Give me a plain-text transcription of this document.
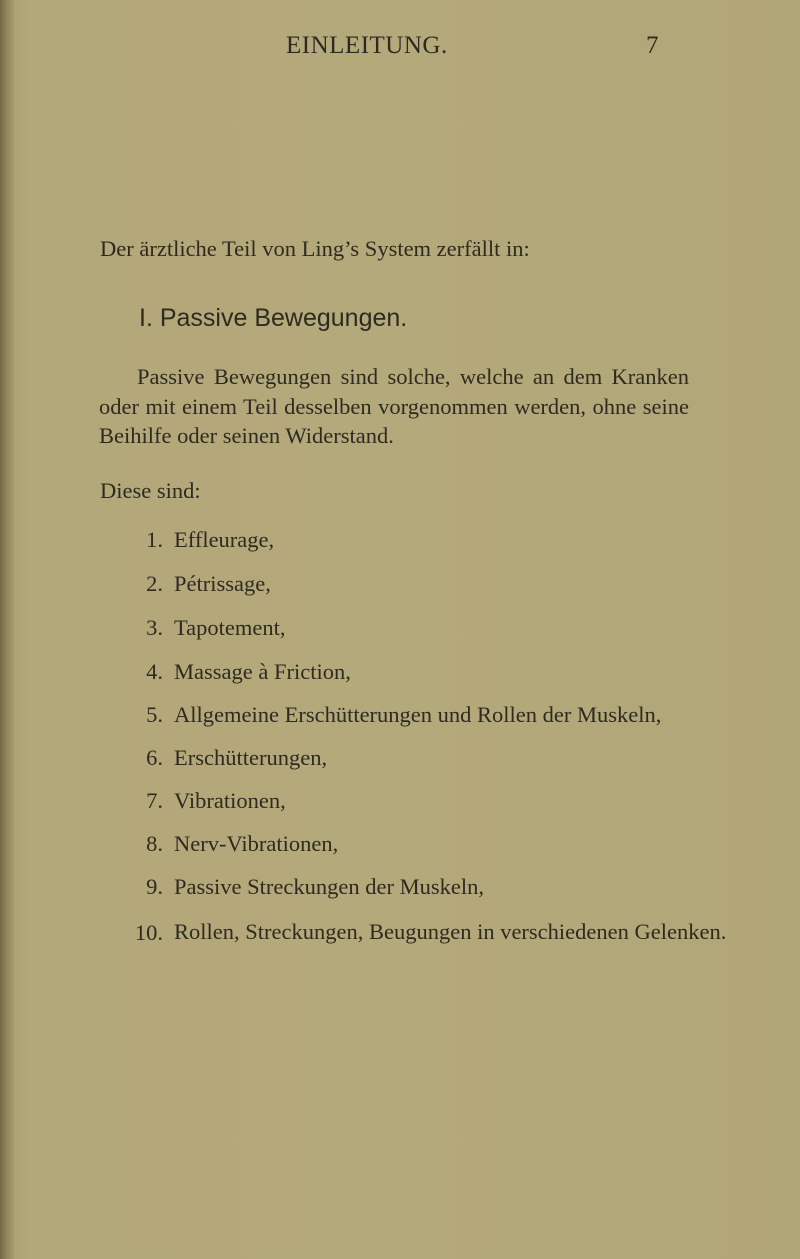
EINLEITUNG.	7
Der ärztliche Teil von Ling’s System zerfällt in:
I. Passive Bewegungen.
Passive Bewegungen sind solche, welche an dem Kranken
oder mit einem Teil desselben vorgenommen werden, ohne seine
Beihilfe oder seinen Widerstand.
Diese sind:
1. Effleurage,
2. Pétrissage,
3. Tapotement,
4. Massage à Friction,
5. Allgemeine Erschütterungen und Rollen der Muskeln,
6. Erschütterungen,
7. Vibrationen,
8. Nerv-Vibrationen,
9. Passive Streckungen der Muskeln,
10. Rollen, Streckungen, Beugungen in verschiedenen Gelenken.
